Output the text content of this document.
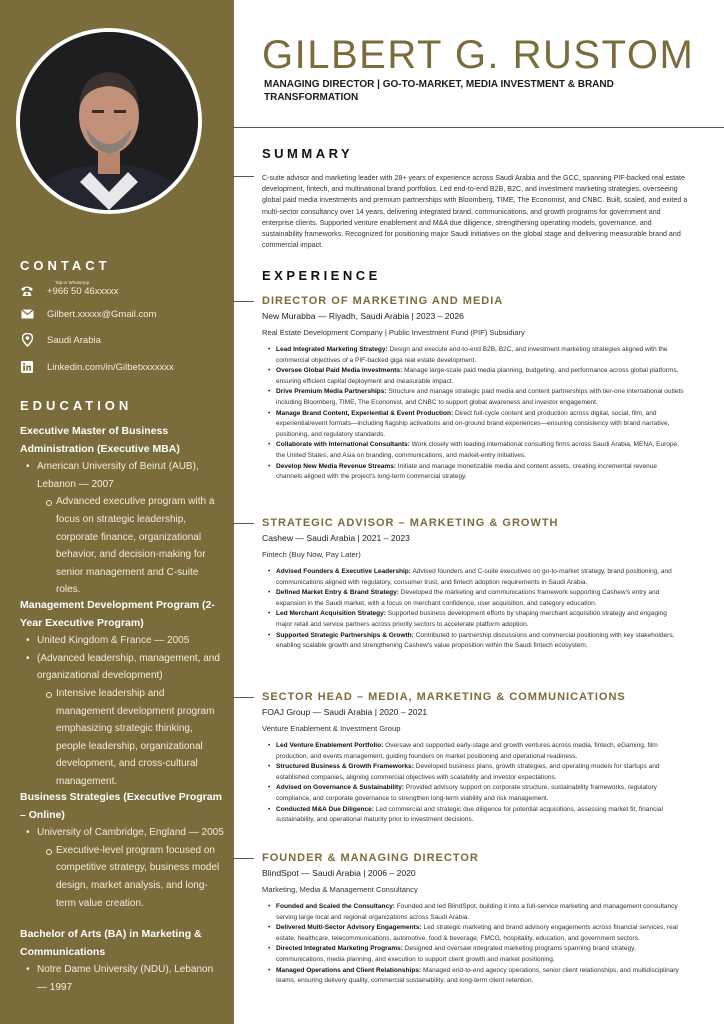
CONTACT
Tap to WhatsApp
+966 50 46xxxxx
Gilbert.xxxxx@Gmail.com
Saudi Arabia
Linkedin.com/in/Gilbetxxxxxxx
EDUCATION
Executive Master of Business Administration (Executive MBA)
• American University of Beirut (AUB), Lebanon — 2007
Advanced executive program with a focus on strategic leadership, corporate finance, organizational behavior, and decision-making for senior management and C-suite roles.
Management Development Program (2-Year Executive Program)
• United Kingdom & France — 2005
• (Advanced leadership, management, and organizational development)
Intensive leadership and management development program emphasizing strategic thinking, people leadership, organizational development, and cross-cultural management.
Business Strategies (Executive Program – Online)
• University of Cambridge, England — 2005
Executive-level program focused on competitive strategy, business model design, market analysis, and long-term value creation.
Bachelor of Arts (BA) in Marketing & Communications
• Notre Dame University (NDU), Lebanon — 1997
GILBERT G. RUSTOM
MANAGING DIRECTOR | GO-TO-MARKET, MEDIA INVESTMENT & BRAND TRANSFORMATION
SUMMARY
C-suite advisor and marketing leader with 28+ years of experience across Saudi Arabia and the GCC, spanning PIF-backed real estate development, fintech, and multinational brand portfolios. Led end-to-end B2B, B2C, and investment marketing strategies, overseeing global paid media investments and premium partnerships with Bloomberg, TIME, The Economist, and CNBC. Built, scaled, and exited a multi-sector consultancy over 14 years, delivering integrated brand, communications, and growth programs for government and enterprise clients. Supported venture enablement and M&A due diligence, strengthening operating models, governance, and sustainability frameworks. Recognized for positioning major Saudi initiatives on the global stage and delivering measurable brand and commercial impact.
EXPERIENCE
DIRECTOR OF MARKETING AND MEDIA
New Murabba — Riyadh, Saudi Arabia | 2023 – 2026
Real Estate Development Company | Public Investment Fund (PIF) Subsidiary
• Lead Integrated Marketing Strategy: Design and execute end-to-end B2B, B2C, and investment marketing strategies aligned with the commercial objectives of a PIF-backed giga real estate development.
• Oversee Global Paid Media Investments: Manage large-scale paid media planning, budgeting, and performance across global platforms, ensuring efficient capital deployment and measurable impact.
• Drive Premium Media Partnerships: Structure and manage strategic paid media and content partnerships with tier-one international outlets including Bloomberg, TIME, The Economist, and CNBC to support global awareness and investor engagement.
• Manage Brand Content, Experiential & Event Production: Direct full-cycle content and production across digital, social, film, and experiential/event formats—including flagship activations and on-ground brand experiences—ensuring consistency with brand narrative, positioning, and regulatory standards.
• Collaborate with International Consultants: Work closely with leading international consulting firms across Saudi Arabia, MENA, Europe, the United States, and Asia on branding, communications, and market-entry initiatives.
• Develop New Media Revenue Streams: Initiate and manage monetizable media and content assets, creating incremental revenue channels aligned with the project's long-term commercial strategy.
STRATEGIC ADVISOR – MARKETING & GROWTH
Cashew — Saudi Arabia | 2021 – 2023
Fintech (Buy Now, Pay Later)
• Advised Founders & Executive Leadership: Advised founders and C-suite executives on go-to-market strategy, brand positioning, and communications aligned with regulatory, consumer trust, and fintech adoption requirements in Saudi Arabia.
• Defined Market Entry & Brand Strategy: Developed the marketing and communications framework supporting Cashew's entry and expansion in the Saudi market, with a focus on merchant confidence, user acquisition, and category education.
• Led Merchant Acquisition Strategy: Supported business development efforts by shaping merchant acquisition strategy and engaging major retail and service partners across priority sectors to accelerate platform adoption.
• Supported Strategic Partnerships & Growth: Contributed to partnership discussions and commercial positioning with key stakeholders, enabling scalable growth and strengthening Cashew's value proposition within the Saudi fintech ecosystem.
SECTOR HEAD – MEDIA, MARKETING & COMMUNICATIONS
FOAJ Group — Saudi Arabia | 2020 – 2021
Venture Enablement & Investment Group
• Led Venture Enablement Portfolio: Oversaw and supported early-stage and growth ventures across media, fintech, eGaming, film production, and events management, guiding founders on market positioning and operational readiness.
• Structured Business & Growth Frameworks: Developed business plans, growth strategies, and operating models for startups and established companies, aligning commercial objectives with scalability and investor expectations.
• Advised on Governance & Sustainability: Provided advisory support on corporate structure, sustainability frameworks, regulatory compliance, and corporate governance to strengthen long-term viability and risk management.
• Conducted M&A Due Diligence: Led commercial and strategic due diligence for potential acquisitions, assessing market fit, financial sustainability, and operational maturity prior to investment decisions.
FOUNDER & MANAGING DIRECTOR
BlindSpot — Saudi Arabia | 2006 – 2020
Marketing, Media & Management Consultancy
• Founded and Scaled the Consultancy: Founded and led BlindSpot, building it into a full-service marketing and management consultancy serving large local and regional organizations across Saudi Arabia.
• Delivered Multi-Sector Advisory Engagements: Led strategic marketing and brand advisory engagements across financial services, real estate, healthcare, telecommunications, automotive, food & beverage, FMCG, hospitality, education, and government sectors.
• Directed Integrated Marketing Programs: Designed and oversaw integrated marketing programs spanning brand strategy, communications, media planning, and execution to support client growth and market positioning.
• Managed Operations and Client Relationships: Managed end-to-end agency operations, senior client relationships, and multidisciplinary teams, ensuring delivery quality, commercial sustainability, and long-term client retention.
